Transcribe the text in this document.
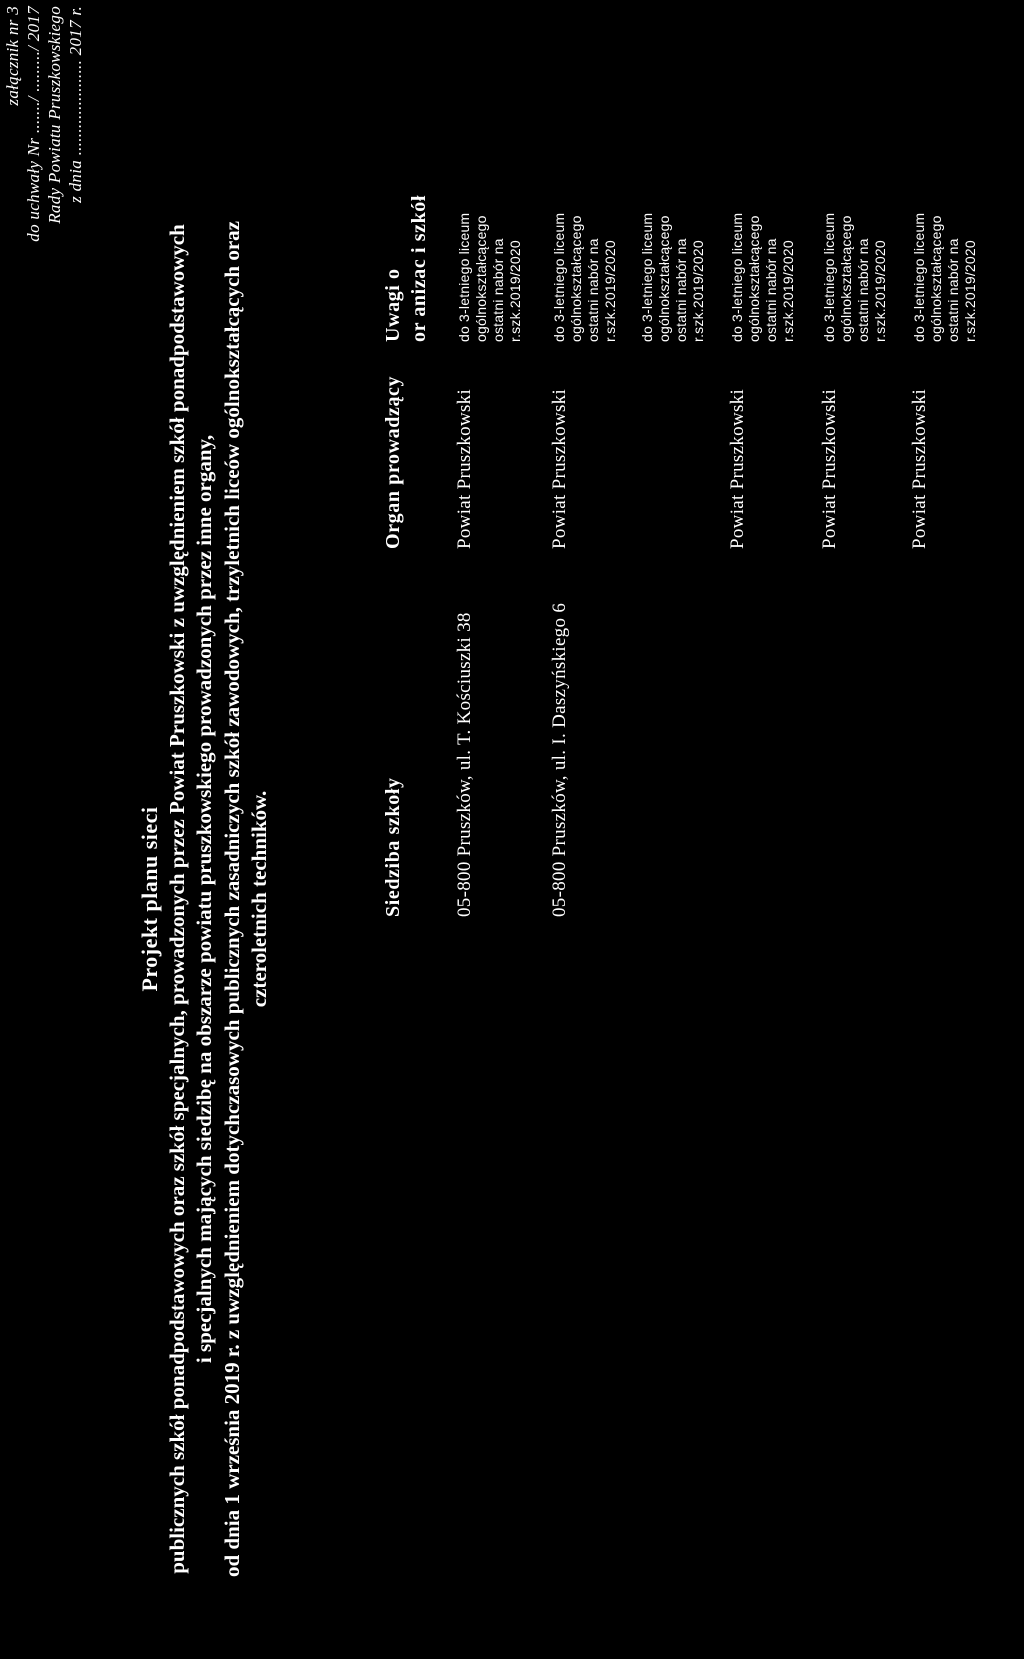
załącznik nr 3 do uchwały Nr ......./ ........./ 2017 Rady Powiatu Pruszkowskiego z dnia ..................... 2017 r.
Projekt planu sieci publicznych szkół ponadpodstawowych oraz szkół specjalnych, prowadzonych przez Powiat Pruszkowski z uwzględnieniem szkół ponadpodstawowych i specjalnych mających siedzibę na obszarze powiatu pruszkowskiego prowadzonych przez inne organy, od dnia 1 września 2019 r. z uwzględnieniem dotychczasowych publicznych zasadniczych szkół zawodowych, trzyletnich liceów ogólnokształcących oraz czteroletnich techników.	Siedziba szkoły
Organ prowadzący
Uwagi o or anizac i szkół
05-800 Pruszków, ul. T. Kościuszki 38
Powiat Pruszkowski
do 3-letniego liceum ogólnokształcącego ostatni nabór na r.szk.2019/2020
05-800 Pruszków, ul. I. Daszyńskiego 6
Powiat Pruszkowski
do 3-letniego liceum ogólnokształcącego ostatni nabór na r.szk.2019/2020 do 3-letniego liceum ogólnokształcącego ostatni nabór na r.szk.2019/2020
Powiat Pruszkowski
do 3-letniego liceum ogólnokształcącego ostatni nabór na r.szk.2019/2020
Powiat Pruszkowski
do 3-letniego liceum ogólnokształcącego ostatni nabór na r.szk.2019/2020
Powiat Pruszkowski
do 3-letniego liceum ogólnokształcącego ostatni nabór na r.szk.2019/2020
